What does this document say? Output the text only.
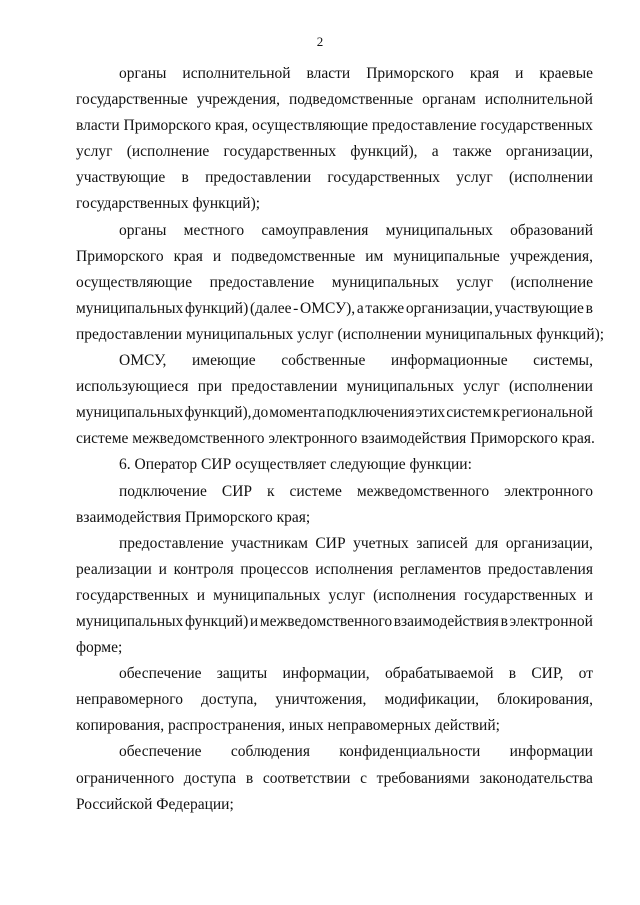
2
органы исполнительной власти Приморского края и краевые
государственные учреждения, подведомственные органам исполнительной
власти Приморского края, осуществляющие предоставление государственных
услуг (исполнение государственных функций), а также организации,
участвующие в предоставлении государственных услуг (исполнении
государственных функций);
органы местного самоуправления муниципальных образований
Приморского края и подведомственные им муниципальные учреждения,
осуществляющие предоставление муниципальных услуг (исполнение
муниципальных функций) (далее - ОМСУ), а также организации, участвующие в
предоставлении муниципальных услуг (исполнении муниципальных функций);
ОМСУ, имеющие собственные информационные системы,
использующиеся при предоставлении муниципальных услуг (исполнении
муниципальных функций), до момента подключения этих систем к региональной
системе межведомственного электронного взаимодействия Приморского края.
6. Оператор СИР осуществляет следующие функции:
подключение СИР к системе межведомственного электронного
взаимодействия Приморского края;
предоставление участникам СИР учетных записей для организации,
реализации и контроля процессов исполнения регламентов предоставления
государственных и муниципальных услуг (исполнения государственных и
муниципальных функций) и межведомственного взаимодействия в электронной
форме;
обеспечение защиты информации, обрабатываемой в СИР, от
неправомерного доступа, уничтожения, модификации, блокирования,
копирования, распространения, иных неправомерных действий;
обеспечение соблюдения конфиденциальности информации
ограниченного доступа в соответствии с требованиями законодательства
Российской Федерации;
